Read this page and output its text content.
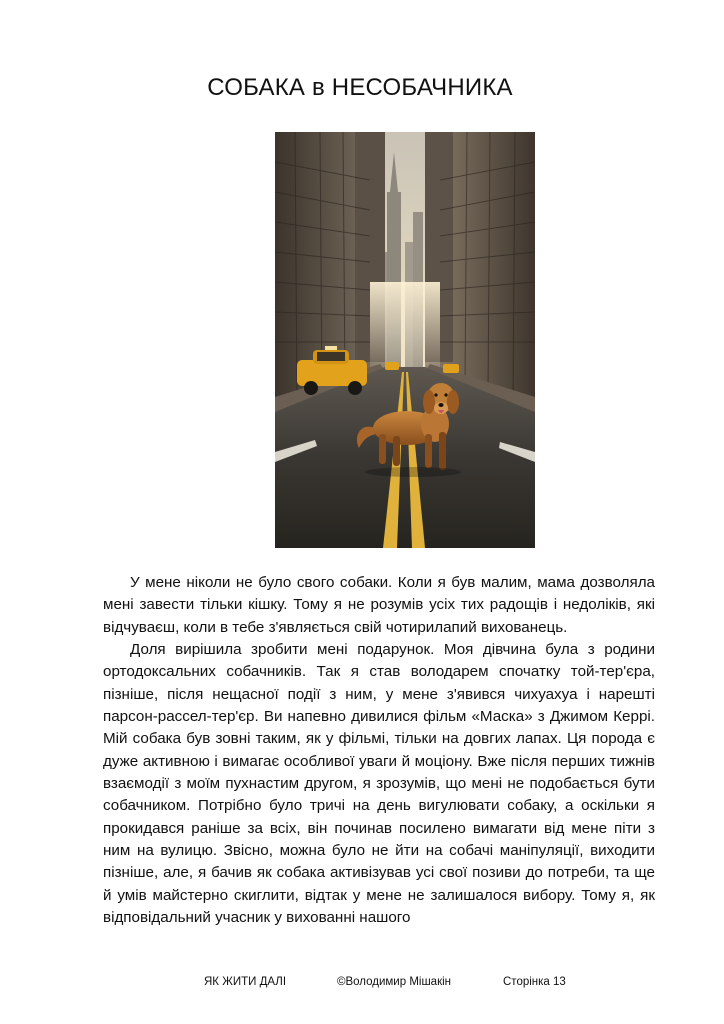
СОБАКА в НЕСОБАЧНИКА

У мене ніколи не було свого собаки. Коли я був малим, мама дозволяла мені завести тільки кішку. Тому я не розумів усіх тих радощів і недоліків, які відчуваєш, коли в тебе з'являється свій чотирилапий вихованець.

Доля вирішила зробити мені подарунок. Моя дівчина була з родини ортодоксальних собачників. Так я став володарем спочатку той-тер'єра, пізніше, після нещасної події з ним, у мене з'явився чихуахуа і нарешті парсон-рассел-тер'єр. Ви напевно дивилися фільм «Маска» з Джимом Керрі. Мій собака був зовні таким, як у фільмі, тільки на довгих лапах. Ця порода є дуже активною і вимагає особливої уваги й моціону. Вже після перших тижнів взаємодії з моїм пухнастим другом, я зрозумів, що мені не подобається бути собачником. Потрібно було тричі на день вигулювати собаку, а оскільки я прокидався раніше за всіх, він починав посилено вимагати від мене піти з ним на вулицю. Звісно, можна було не йти на собачі маніпуляції, виходити пізніше, але, я бачив як собака активізував усі свої позиви до потреби, та ще й умів майстерно скиглити, відтак у мене не залишалося вибору. Тому я, як відповідальний учасник у вихованні нашого

ЯК ЖИТИ ДАЛІ	©Володимир Мішакін	Сторінка 13
